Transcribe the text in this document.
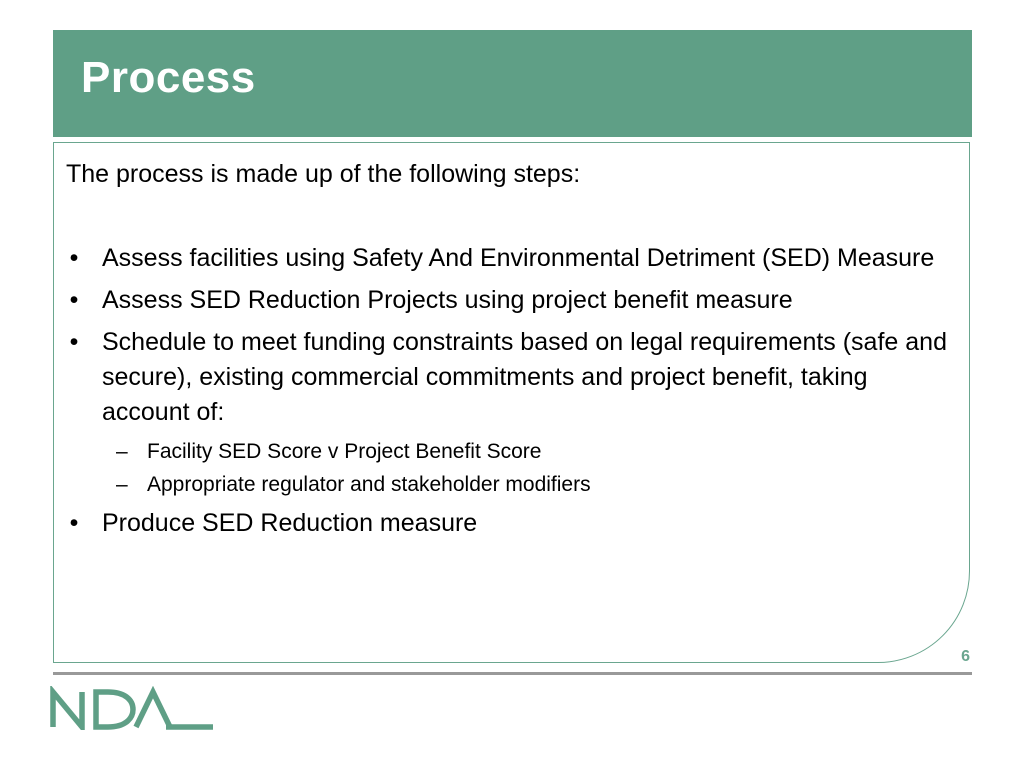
Process
The process is made up of the following steps:
• Assess facilities using Safety And Environmental Detriment (SED) Measure
• Assess SED Reduction Projects using project benefit measure
• Schedule to meet funding constraints based on legal requirements (safe and secure), existing commercial commitments and project benefit, taking account of:
– Facility SED Score v Project Benefit Score
– Appropriate regulator and stakeholder modifiers
• Produce SED Reduction measure
6
